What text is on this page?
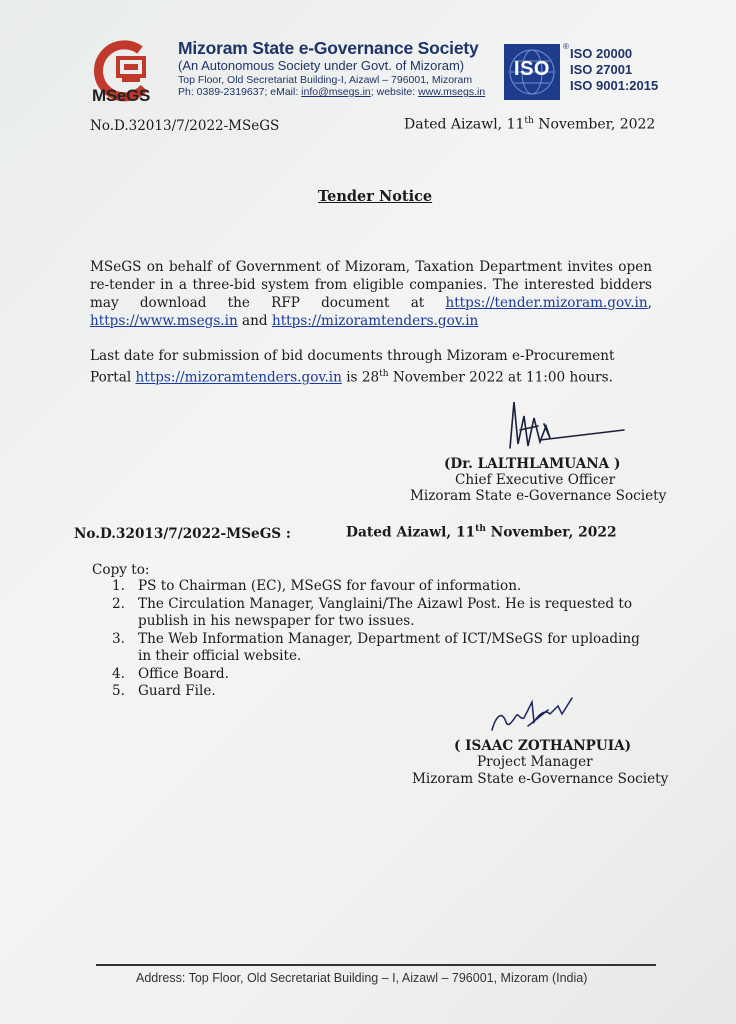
MSeGS
Mizoram State e-Governance Society
(An Autonomous Society under Govt. of Mizoram)
Top Floor, Old Secretariat Building-I, Aizawl – 796001, Mizoram
Ph: 0389-2319637; eMail: info@msegs.in; website: www.msegs.in
ISO
® ISO 20000
ISO 27001
ISO 9001:2015
No.D.32013/7/2022-MSeGS	Dated Aizawl, 11th November, 2022
Tender Notice
MSeGS on behalf of Government of Mizoram, Taxation Department invites open re-tender in a three-bid system from eligible companies. The interested bidders may download the RFP document at https://tender.mizoram.gov.in, https://www.msegs.in and https://mizoramtenders.gov.in
Last date for submission of bid documents through Mizoram e-Procurement Portal https://mizoramtenders.gov.in is 28th November 2022 at 11:00 hours.
(Dr. LALTHLAMUANA )
Chief Executive Officer
Mizoram State e-Governance Society
No.D.32013/7/2022-MSeGS :	Dated Aizawl, 11th November, 2022
Copy to:
1. PS to Chairman (EC), MSeGS for favour of information.
2. The Circulation Manager, Vanglaini/The Aizawl Post. He is requested to publish in his newspaper for two issues.
3. The Web Information Manager, Department of ICT/MSeGS for uploading in their official website.
4. Office Board.
5. Guard File.
( ISAAC ZOTHANPUIA)
Project Manager
Mizoram State e-Governance Society
Address: Top Floor, Old Secretariat Building – I, Aizawl – 796001, Mizoram (India)
